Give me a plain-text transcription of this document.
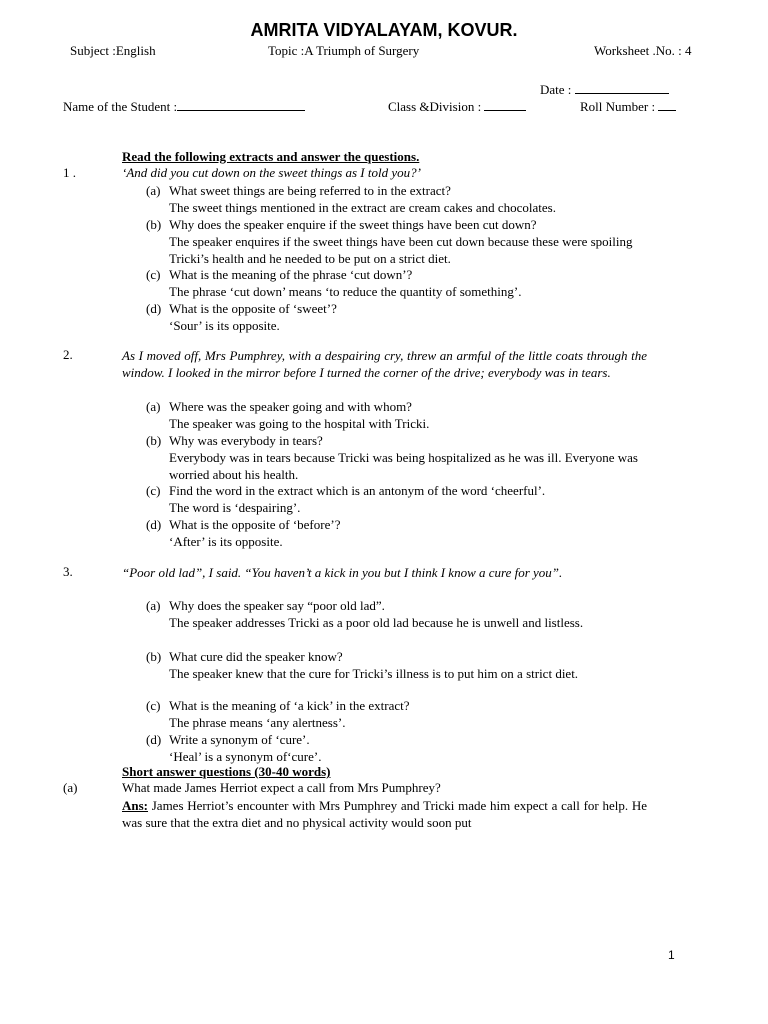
AMRITA VIDYALAYAM, KOVUR.
Subject :English	Topic :A Triumph of Surgery	Worksheet .No. : 4
Date :
Name of the Student :	Class &Division :	Roll Number :
Read the following extracts and answer the questions.
1 .	‘And did you cut down on the sweet things as I told you?’
(a) What sweet things are being referred to in the extract?
The sweet things mentioned in the extract are cream cakes and chocolates.
(b) Why does the speaker enquire if the sweet things have been cut down?
The speaker enquires if the sweet things have been cut down because these were spoiling Tricki’s health and he needed to be put on a strict diet.
(c) What is the meaning of the phrase ‘cut down’?
The phrase ‘cut down’ means ‘to reduce the quantity of something’.
(d) What is the opposite of ‘sweet’?
‘Sour’ is its opposite.
2.	As I moved off, Mrs Pumphrey, with a despairing cry, threw an armful of the little coats through the window. I looked in the mirror before I turned the corner of the drive; everybody was in tears.
(a) Where was the speaker going and with whom?
The speaker was going to the hospital with Tricki.
(b) Why was everybody in tears?
Everybody was in tears because Tricki was being hospitalized as he was ill. Everyone was worried about his health.
(c) Find the word in the extract which is an antonym of the word ‘cheerful’.
The word is ‘despairing’.
(d) What is the opposite of ‘before’?
‘After’ is its opposite.
3.	“Poor old lad”, I said. “You haven’t a kick in you but I think I know a cure for you”.
(a) Why does the speaker say “poor old lad”.
The speaker addresses Tricki as a poor old lad because he is unwell and listless.
(b) What cure did the speaker know?
The speaker knew that the cure for Tricki’s illness is to put him on a strict diet.
(c) What is the meaning of ‘a kick’ in the extract?
The phrase means ‘any alertness’.
(d) Write a synonym of ‘cure’.
‘Heal’ is a synonym of‘cure’.
Short answer questions (30-40 words)
(a)	What made James Herriot expect a call from Mrs Pumphrey?
Ans: James Herriot’s encounter with Mrs Pumphrey and Tricki made him expect a call for help. He was sure that the extra diet and no physical activity would soon put
1
